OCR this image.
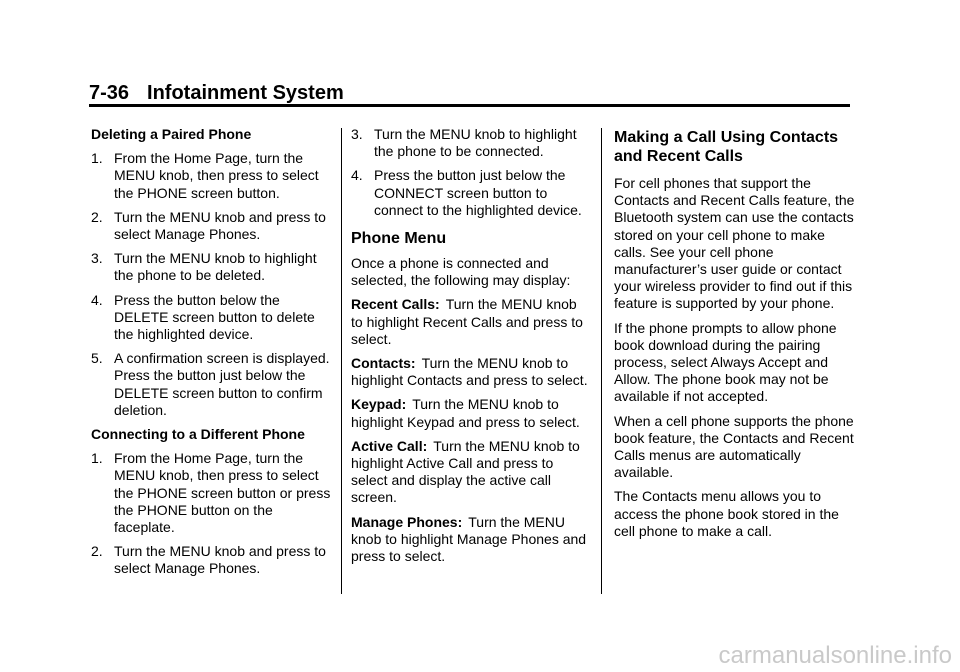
7-36 Infotainment System
Deleting a Paired Phone
1. From the Home Page, turn the MENU knob, then press to select the PHONE screen button.
2. Turn the MENU knob and press to select Manage Phones.
3. Turn the MENU knob to highlight the phone to be deleted.
4. Press the button below the DELETE screen button to delete the highlighted device.
5. A confirmation screen is displayed. Press the button just below the DELETE screen button to confirm deletion.
Connecting to a Different Phone
1. From the Home Page, turn the MENU knob, then press to select the PHONE screen button or press the PHONE button on the faceplate.
2. Turn the MENU knob and press to select Manage Phones.
3. Turn the MENU knob to highlight the phone to be connected.
4. Press the button just below the CONNECT screen button to connect to the highlighted device.
Phone Menu

Once a phone is connected and selected, the following may display:

Recent Calls: Turn the MENU knob to highlight Recent Calls and press to select.

Contacts: Turn the MENU knob to highlight Contacts and press to select.

Keypad: Turn the MENU knob to highlight Keypad and press to select.

Active Call: Turn the MENU knob to highlight Active Call and press to select and display the active call screen.

Manage Phones: Turn the MENU knob to highlight Manage Phones and press to select.

Making a Call Using Contacts and Recent Calls

For cell phones that support the Contacts and Recent Calls feature, the Bluetooth system can use the contacts stored on your cell phone to make calls. See your cell phone manufacturer’s user guide or contact your wireless provider to find out if this feature is supported by your phone.

If the phone prompts to allow phone book download during the pairing process, select Always Accept and Allow. The phone book may not be available if not accepted.

When a cell phone supports the phone book feature, the Contacts and Recent Calls menus are automatically available.

The Contacts menu allows you to access the phone book stored in the cell phone to make a call.

carmanualsonline.info
